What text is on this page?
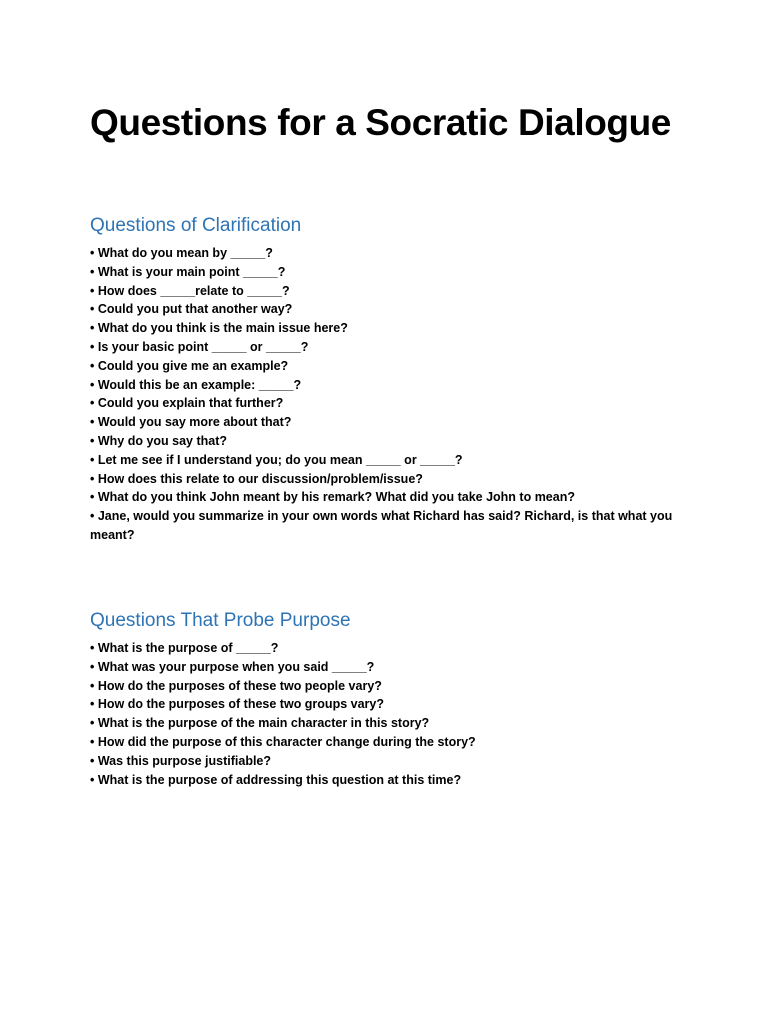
Questions for a Socratic Dialogue
Questions of Clarification
• What do you mean by _____?
• What is your main point _____?
• How does _____relate to _____?
• Could you put that another way?
• What do you think is the main issue here?
• Is your basic point _____ or _____?
• Could you give me an example?
• Would this be an example: _____?
• Could you explain that further?
• Would you say more about that?
• Why do you say that?
• Let me see if I understand you; do you mean _____ or _____?
• How does this relate to our discussion/problem/issue?
• What do you think John meant by his remark? What did you take John to mean?
• Jane, would you summarize in your own words what Richard has said? Richard, is that what you meant?
Questions That Probe Purpose
• What is the purpose of _____?
• What was your purpose when you said _____?
• How do the purposes of these two people vary?
• How do the purposes of these two groups vary?
• What is the purpose of the main character in this story?
• How did the purpose of this character change during the story?
• Was this purpose justifiable?
• What is the purpose of addressing this question at this time?
